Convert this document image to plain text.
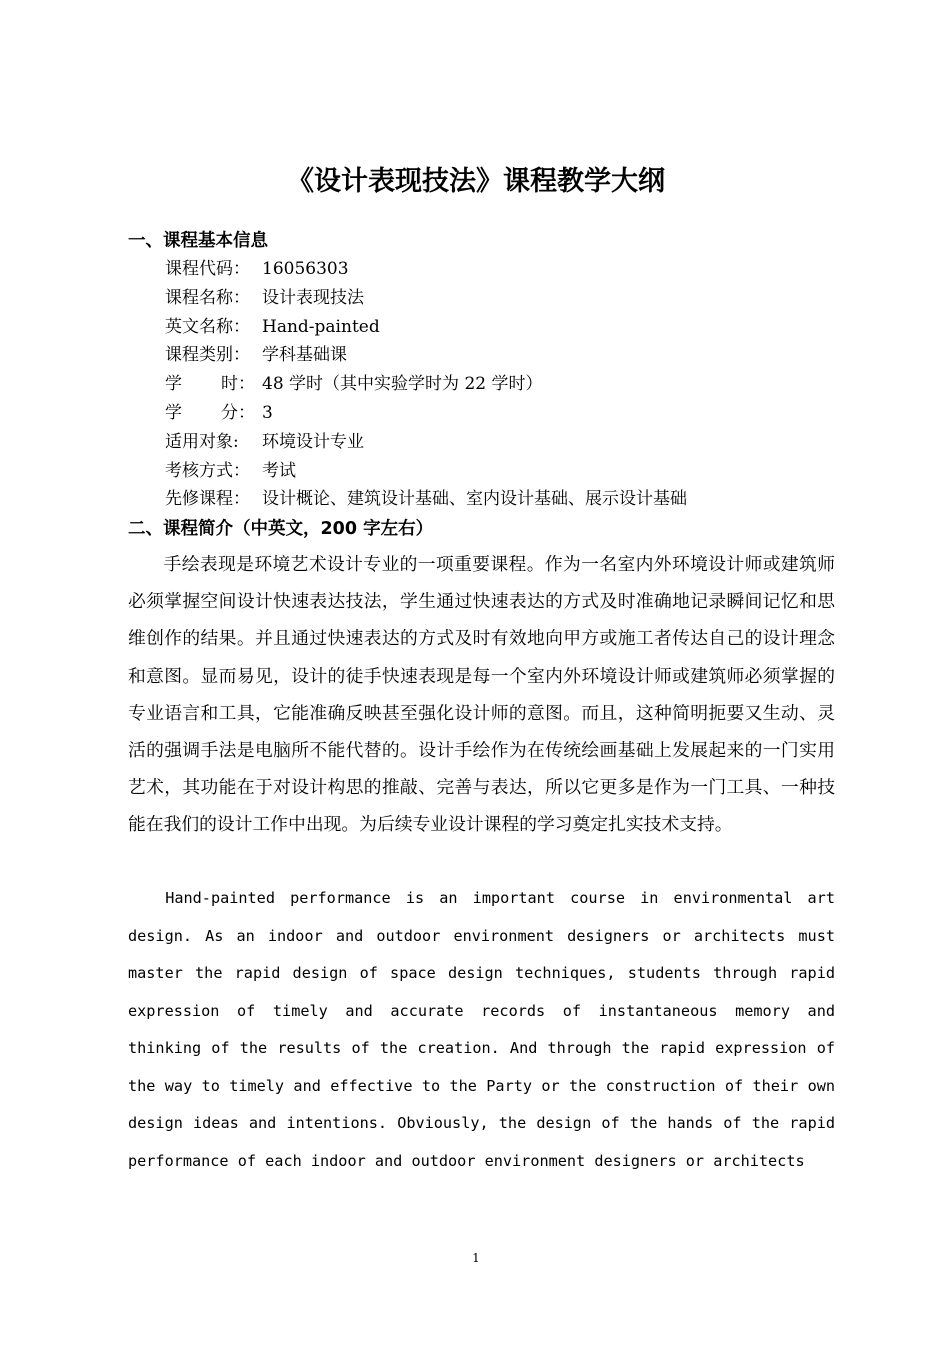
《设计表现技法》课程教学大纲
一、课程基本信息
课程代码： 16056303
课程名称： 设计表现技法
英文名称： Hand-painted
课程类别： 学科基础课
学 时： 48 学时（其中实验学时为 22 学时）
学 分： 3
适用对象:环境设计专业
考核方式： 考试
先修课程： 设计概论、建筑设计基础、室内设计基础、展示设计基础
二、课程简介（中英文，200 字左右）

手绘表现是环境艺术设计专业的一项重要课程。作为一名室内外环境设计师或建筑师必须掌握空间设计快速表达技法，学生通过快速表达的方式及时准确地记录瞬间记忆和思维创作的结果。并且通过快速表达的方式及时有效地向甲方或施工者传达自己的设计理念和意图。显而易见，设计的徒手快速表现是每一个室内外环境设计师或建筑师必须掌握的专业语言和工具，它能准确反映甚至强化设计师的意图。而且，这种简明扼要又生动、灵活的强调手法是电脑所不能代替的。设计手绘作为在传统绘画基础上发展起来的一门实用艺术，其功能在于对设计构思的推敲、完善与表达，所以它更多是作为一门工具、一种技能在我们的设计工作中出现。为后续专业设计课程的学习奠定扎实技术支持。

Hand-painted performance is an important course in environmental art design. As an indoor and outdoor environment designers or architects must master the rapid design of space design techniques, students through rapid expression of timely and accurate records of instantaneous memory and thinking of the results of the creation. And through the rapid expression of the way to timely and effective to the Party or the construction of their own design ideas and intentions. Obviously, the design of the hands of the rapid performance of each indoor and outdoor environment designers or architects

1
